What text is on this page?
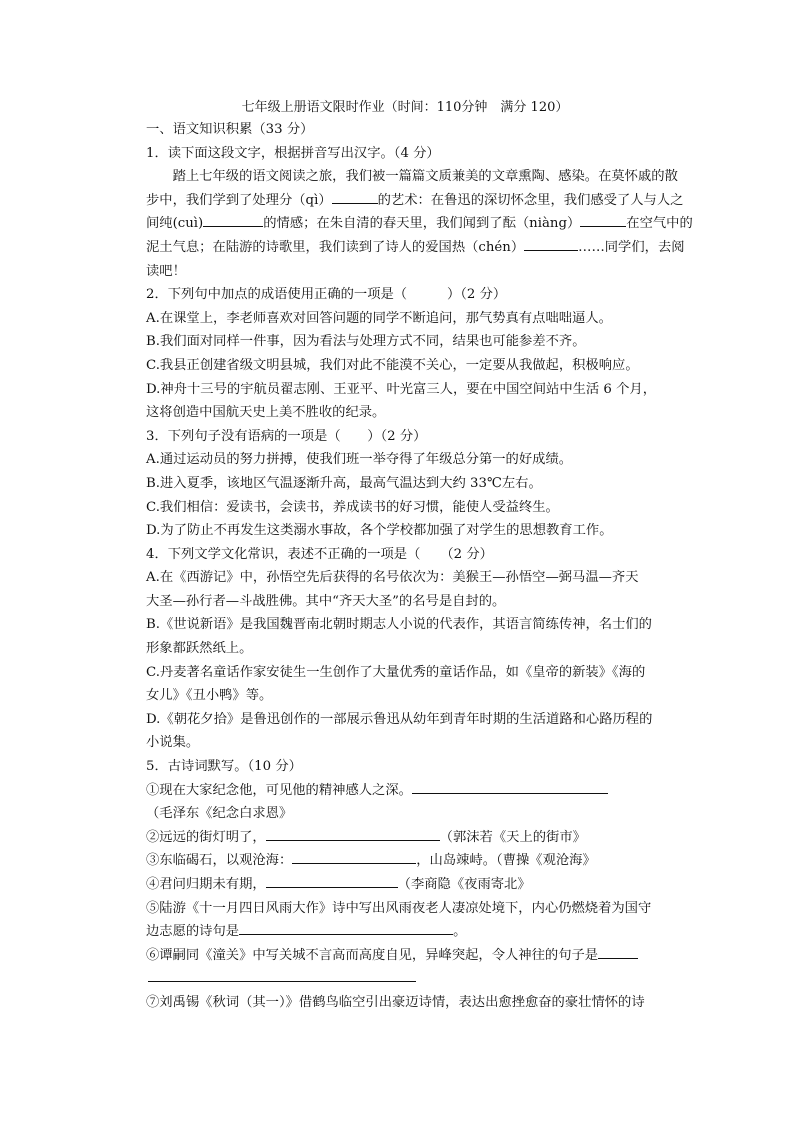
七年级上册语文限时作业（时间：110分钟　满分 120）
一、语文知识积累（33 分）
1．读下面这段文字，根据拼音写出汉字。（4 分）
　　踏上七年级的语文阅读之旅，我们被一篇篇文质兼美的文章熏陶、感染。在莫怀戚的散
步中，我们学到了处理分（qì）	的艺术：在鲁迅的深切怀念里，我们感受了人与人之
间纯(cuì)	的情感；在朱自清的春天里，我们闻到了酝（niàng）	在空气中的
泥土气息；在陆游的诗歌里，我们读到了诗人的爱国热（chén）	……同学们，去阅
读吧！
2．下列句中加点的成语使用正确的一项是（　　　）（2 分）
A.在课堂上，李老师喜欢对回答问题的同学不断追问，那气势真有点咄咄逼人。
B.我们面对同样一件事，因为看法与处理方式不同，结果也可能参差不齐。
C.我县正创建省级文明县城，我们对此不能漠不关心，一定要从我做起，积极响应。
D.神舟十三号的宇航员翟志刚、王亚平、叶光富三人，要在中国空间站中生活 6 个月，
这将创造中国航天史上美不胜收的纪录。
3．下列句子没有语病的一项是（　　）（2 分）
A.通过运动员的努力拼搏，使我们班一举夺得了年级总分第一的好成绩。
B.进入夏季，该地区气温逐渐升高，最高气温达到大约 33℃左右。
C.我们相信：爱读书，会读书，养成读书的好习惯，能使人受益终生。
D.为了防止不再发生这类溺水事故，各个学校都加强了对学生的思想教育工作。
4．下列文学文化常识，表述不正确的一项是（　　（2 分）
A.在《西游记》中，孙悟空先后获得的名号依次为：美猴王—孙悟空—弼马温—齐天
大圣—孙行者—斗战胜佛。其中“齐天大圣”的名号是自封的。
B.《世说新语》是我国魏晋南北朝时期志人小说的代表作，其语言简练传神，名士们的
形象都跃然纸上。
C.丹麦著名童话作家安徒生一生创作了大量优秀的童话作品，如《皇帝的新装》《海的
女儿》《丑小鸭》等。
D.《朝花夕拾》是鲁迅创作的一部展示鲁迅从幼年到青年时期的生活道路和心路历程的
小说集。
5．古诗词默写。（10 分）
①现在大家纪念他，可见他的精神感人之深。
（毛泽东《纪念白求恩》
②远远的街灯明了，	（郭沫若《天上的街市》
③东临碣石，以观沧海：	，山岛竦峙。（曹操《观沧海》
④君问归期未有期，	（李商隐《夜雨寄北》
⑤陆游《十一月四日风雨大作》诗中写出风雨夜老人凄凉处境下，内心仍燃烧着为国守
边志愿的诗句是	。
⑥谭嗣同《潼关》中写关城不言高而高度自见，异峰突起，令人神往的句子是
⑦刘禹锡《秋词（其一）》借鹤鸟临空引出豪迈诗情，表达出愈挫愈奋的豪壮情怀的诗
